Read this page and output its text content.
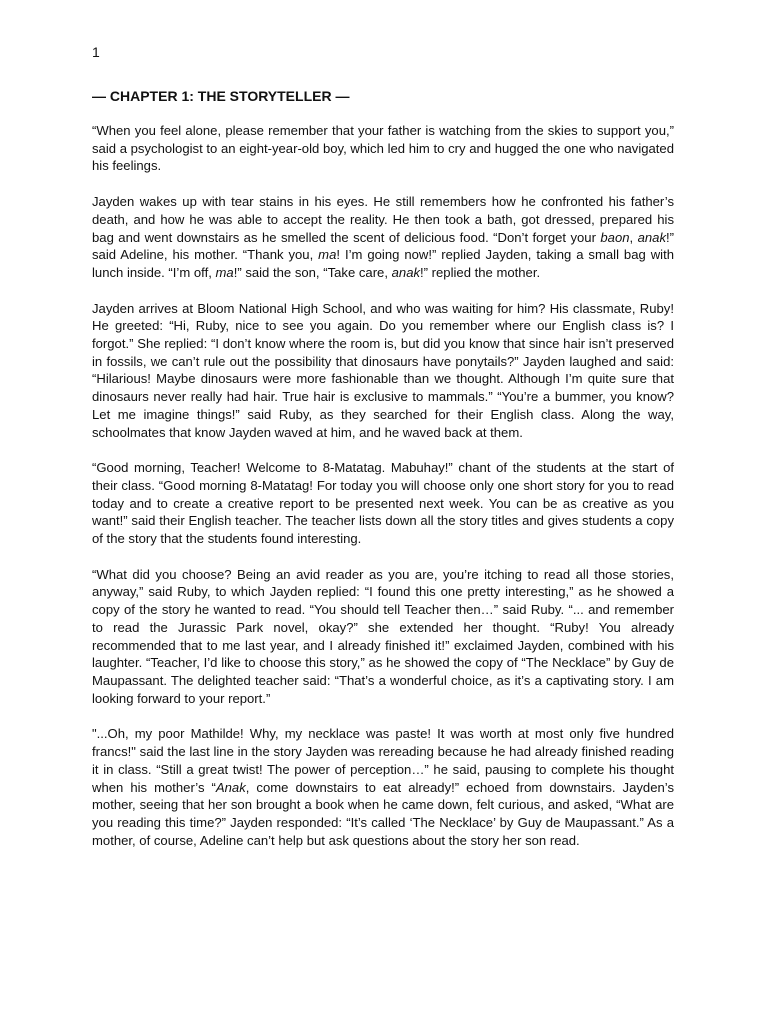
1
— CHAPTER 1: THE STORYTELLER —

“When you feel alone, please remember that your father is watching from the skies to support you,” said a psychologist to an eight-year-old boy, which led him to cry and hugged the one who navigated his feelings.

Jayden wakes up with tear stains in his eyes. He still remembers how he confronted his father’s death, and how he was able to accept the reality. He then took a bath, got dressed, prepared his bag and went downstairs as he smelled the scent of delicious food. “Don’t forget your baon, anak!” said Adeline, his mother. “Thank you, ma! I’m going now!” replied Jayden, taking a small bag with lunch inside. “I’m off, ma!” said the son, “Take care, anak!” replied the mother.

Jayden arrives at Bloom National High School, and who was waiting for him? His classmate, Ruby! He greeted: “Hi, Ruby, nice to see you again. Do you remember where our English class is? I forgot.” She replied: “I don’t know where the room is, but did you know that since hair isn’t preserved in fossils, we can’t rule out the possibility that dinosaurs have ponytails?” Jayden laughed and said: “Hilarious! Maybe dinosaurs were more fashionable than we thought. Although I’m quite sure that dinosaurs never really had hair. True hair is exclusive to mammals.” “You’re a bummer, you know? Let me imagine things!” said Ruby, as they searched for their English class. Along the way, schoolmates that know Jayden waved at him, and he waved back at them.

“Good morning, Teacher! Welcome to 8-Matatag. Mabuhay!” chant of the students at the start of their class. “Good morning 8-Matatag! For today you will choose only one short story for you to read today and to create a creative report to be presented next week. You can be as creative as you want!” said their English teacher. The teacher lists down all the story titles and gives students a copy of the story that the students found interesting.

“What did you choose? Being an avid reader as you are, you’re itching to read all those stories, anyway,” said Ruby, to which Jayden replied: “I found this one pretty interesting,” as he showed a copy of the story he wanted to read. “You should tell Teacher then…” said Ruby. “... and remember to read the Jurassic Park novel, okay?” she extended her thought. “Ruby! You already recommended that to me last year, and I already finished it!” exclaimed Jayden, combined with his laughter. “Teacher, I’d like to choose this story,” as he showed the copy of “The Necklace” by Guy de Maupassant. The delighted teacher said: “That’s a wonderful choice, as it’s a captivating story. I am looking forward to your report.”

"...Oh, my poor Mathilde! Why, my necklace was paste! It was worth at most only five hundred francs!" said the last line in the story Jayden was rereading because he had already finished reading it in class. “Still a great twist! The power of perception…” he said, pausing to complete his thought when his mother’s “Anak, come downstairs to eat already!” echoed from downstairs. Jayden’s mother, seeing that her son brought a book when he came down, felt curious, and asked, “What are you reading this time?” Jayden responded: “It’s called ‘The Necklace’ by Guy de Maupassant.” As a mother, of course, Adeline can’t help but ask questions about the story her son read.
